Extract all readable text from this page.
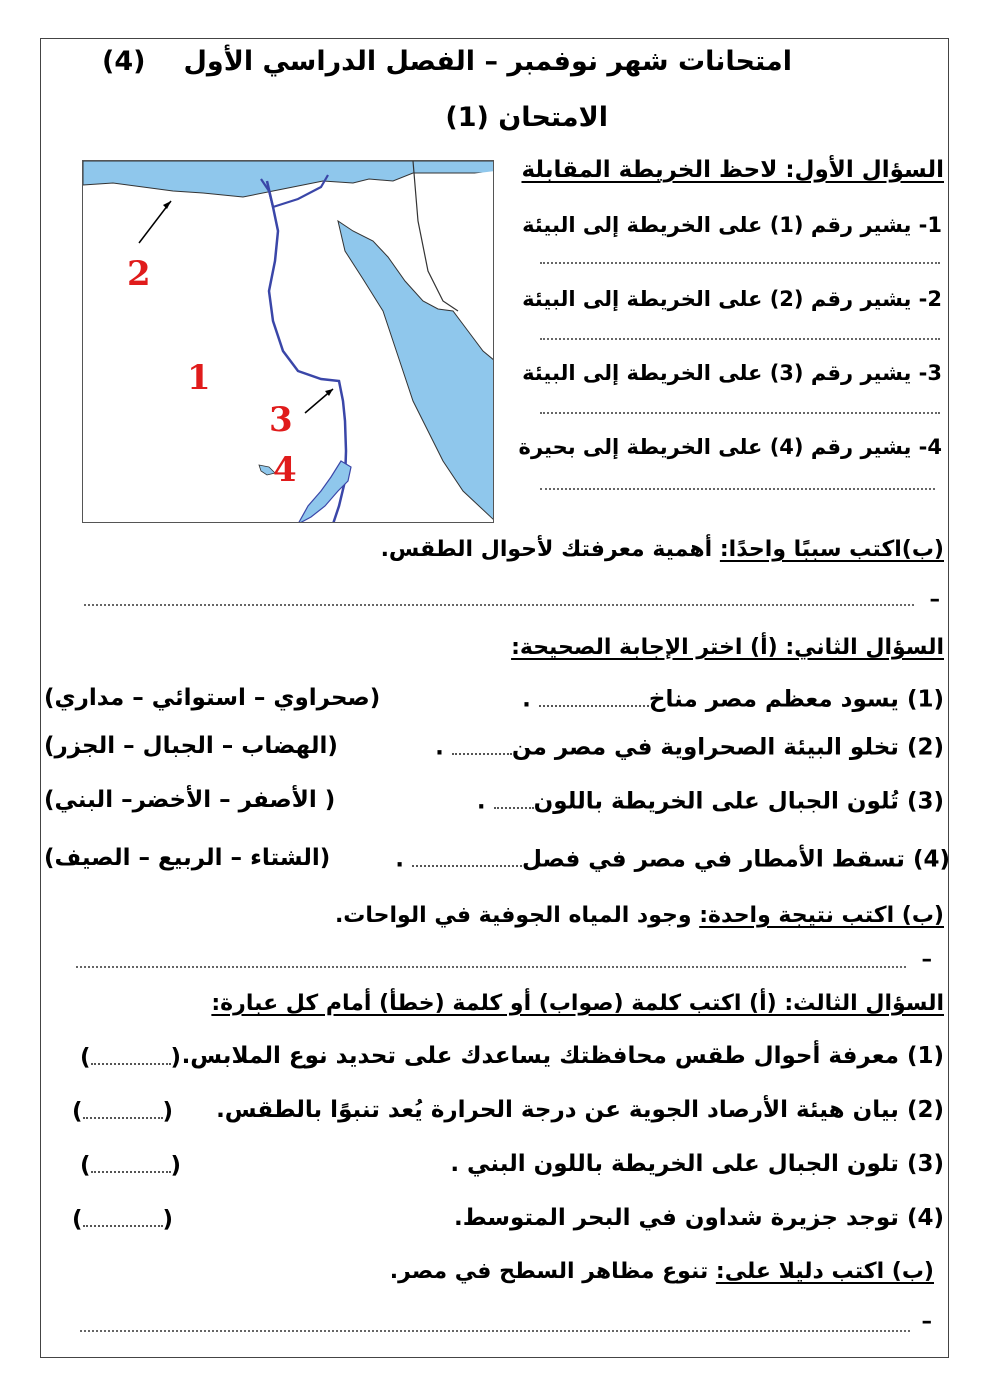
امتحانات شهر نوفمبر – الفصل الدراسي الأول
(4)
الامتحان (1)
1
2
3
4
السؤال الأول: لاحظ الخريطة المقابلة
1- يشير رقم (1) على الخريطة إلى البيئة
2- يشير رقم (2) على الخريطة إلى البيئة
3- يشير رقم (3) على الخريطة إلى البيئة
4- يشير رقم (4) على الخريطة إلى بحيرة
(ب)اكتب سببًا واحدًا: أهمية معرفتك لأحوال الطقس.
–
السؤال الثاني: (أ) اختر الإجابة الصحيحة:
(1) يسود معظم مصر مناخ .
(صحراوي – استوائي – مداري)
(2) تخلو البيئة الصحراوية في مصر من .
(الهضاب – الجبال – الجزر)
(3) تُلون الجبال على الخريطة باللون .
( الأصفر – الأخضر– البني)
(4) تسقط الأمطار في مصر في فصل .
(الشتاء – الربيع – الصيف)
(ب) اكتب نتيجة واحدة: وجود المياه الجوفية في الواحات.
–
السؤال الثالث: (أ) اكتب كلمة (صواب) أو كلمة (خطأ) أمام كل عبارة:
(1) معرفة أحوال طقس محافظتك يساعدك على تحديد نوع الملابس.
()
(2) بيان هيئة الأرصاد الجوية عن درجة الحرارة يُعد تنبوًا بالطقس.
()
(3) تلون الجبال على الخريطة باللون البني .
()
(4) توجد جزيرة شداون في البحر المتوسط.
()
(ب) اكتب دليلا على: تنوع مظاهر السطح في مصر.
–
